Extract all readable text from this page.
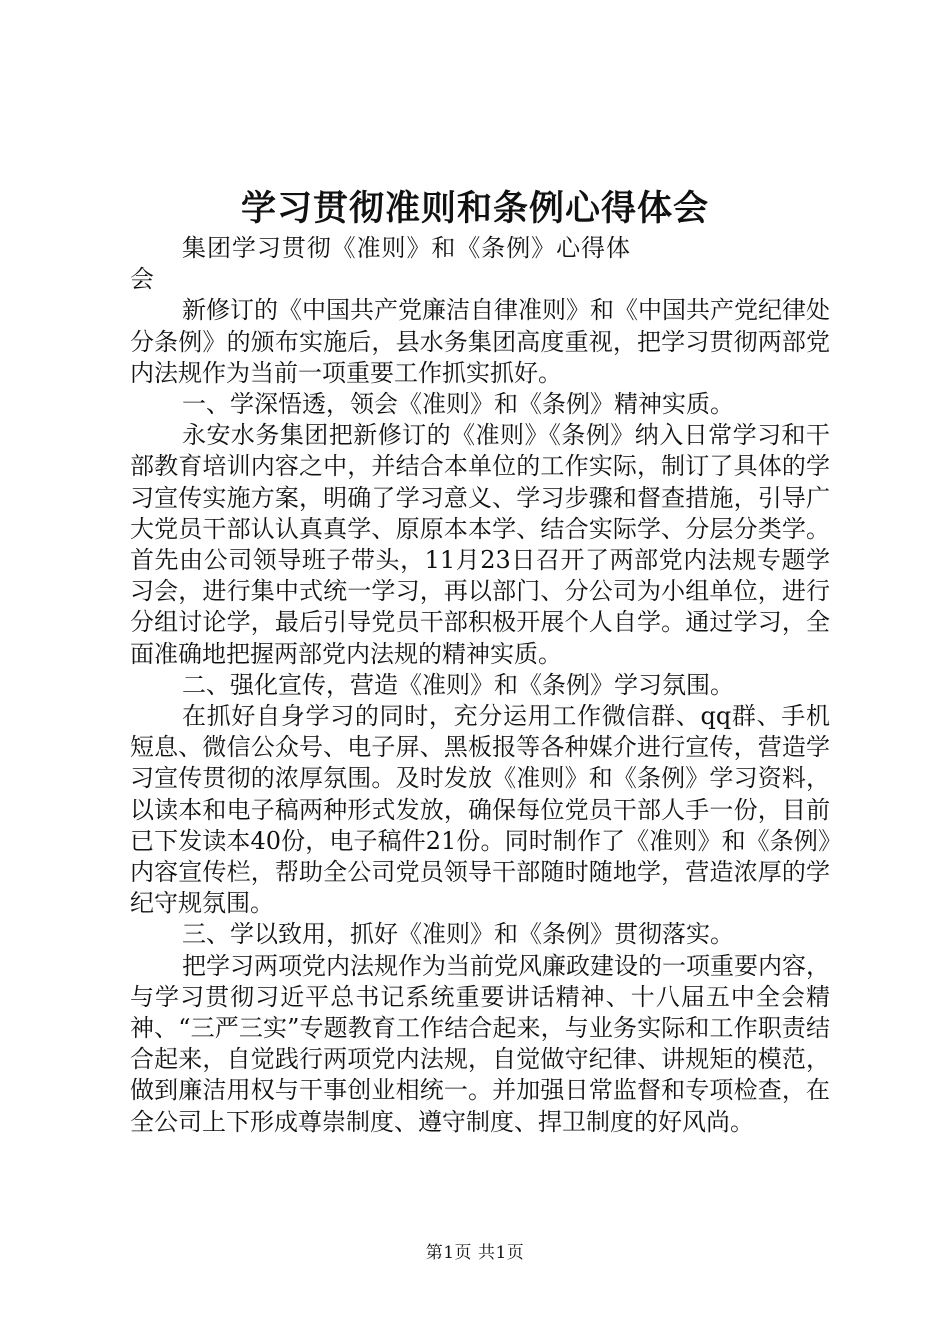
学习贯彻准则和条例心得体会

集团学习贯彻《准则》和《条例》心得体会

新修订的《中国共产党廉洁自律准则》和《中国共产党纪律处分条例》的颁布实施后，县水务集团高度重视，把学习贯彻两部党内法规作为当前一项重要工作抓实抓好。

一、学深悟透，领会《准则》和《条例》精神实质。

永安水务集团把新修订的《准则》《条例》纳入日常学习和干部教育培训内容之中，并结合本单位的工作实际，制订了具体的学习宣传实施方案，明确了学习意义、学习步骤和督查措施，引导广大党员干部认认真真学、原原本本学、结合实际学、分层分类学。首先由公司领导班子带头，11月23日召开了两部党内法规专题学习会，进行集中式统一学习，再以部门、分公司为小组单位，进行分组讨论学，最后引导党员干部积极开展个人自学。通过学习，全面准确地把握两部党内法规的精神实质。

二、强化宣传，营造《准则》和《条例》学习氛围。

在抓好自身学习的同时，充分运用工作微信群、qq群、手机短息、微信公众号、电子屏、黑板报等各种媒介进行宣传，营造学习宣传贯彻的浓厚氛围。及时发放《准则》和《条例》学习资料，以读本和电子稿两种形式发放，确保每位党员干部人手一份，目前已下发读本40份，电子稿件21份。同时制作了《准则》和《条例》内容宣传栏，帮助全公司党员领导干部随时随地学，营造浓厚的学纪守规氛围。

三、学以致用，抓好《准则》和《条例》贯彻落实。

把学习两项党内法规作为当前党风廉政建设的一项重要内容，与学习贯彻习近平总书记系统重要讲话精神、十八届五中全会精神、“三严三实”专题教育工作结合起来，与业务实际和工作职责结合起来，自觉践行两项党内法规，自觉做守纪律、讲规矩的模范，做到廉洁用权与干事创业相统一。并加强日常监督和专项检查，在全公司上下形成尊崇制度、遵守制度、捍卫制度的好风尚。

第1页 共1页
